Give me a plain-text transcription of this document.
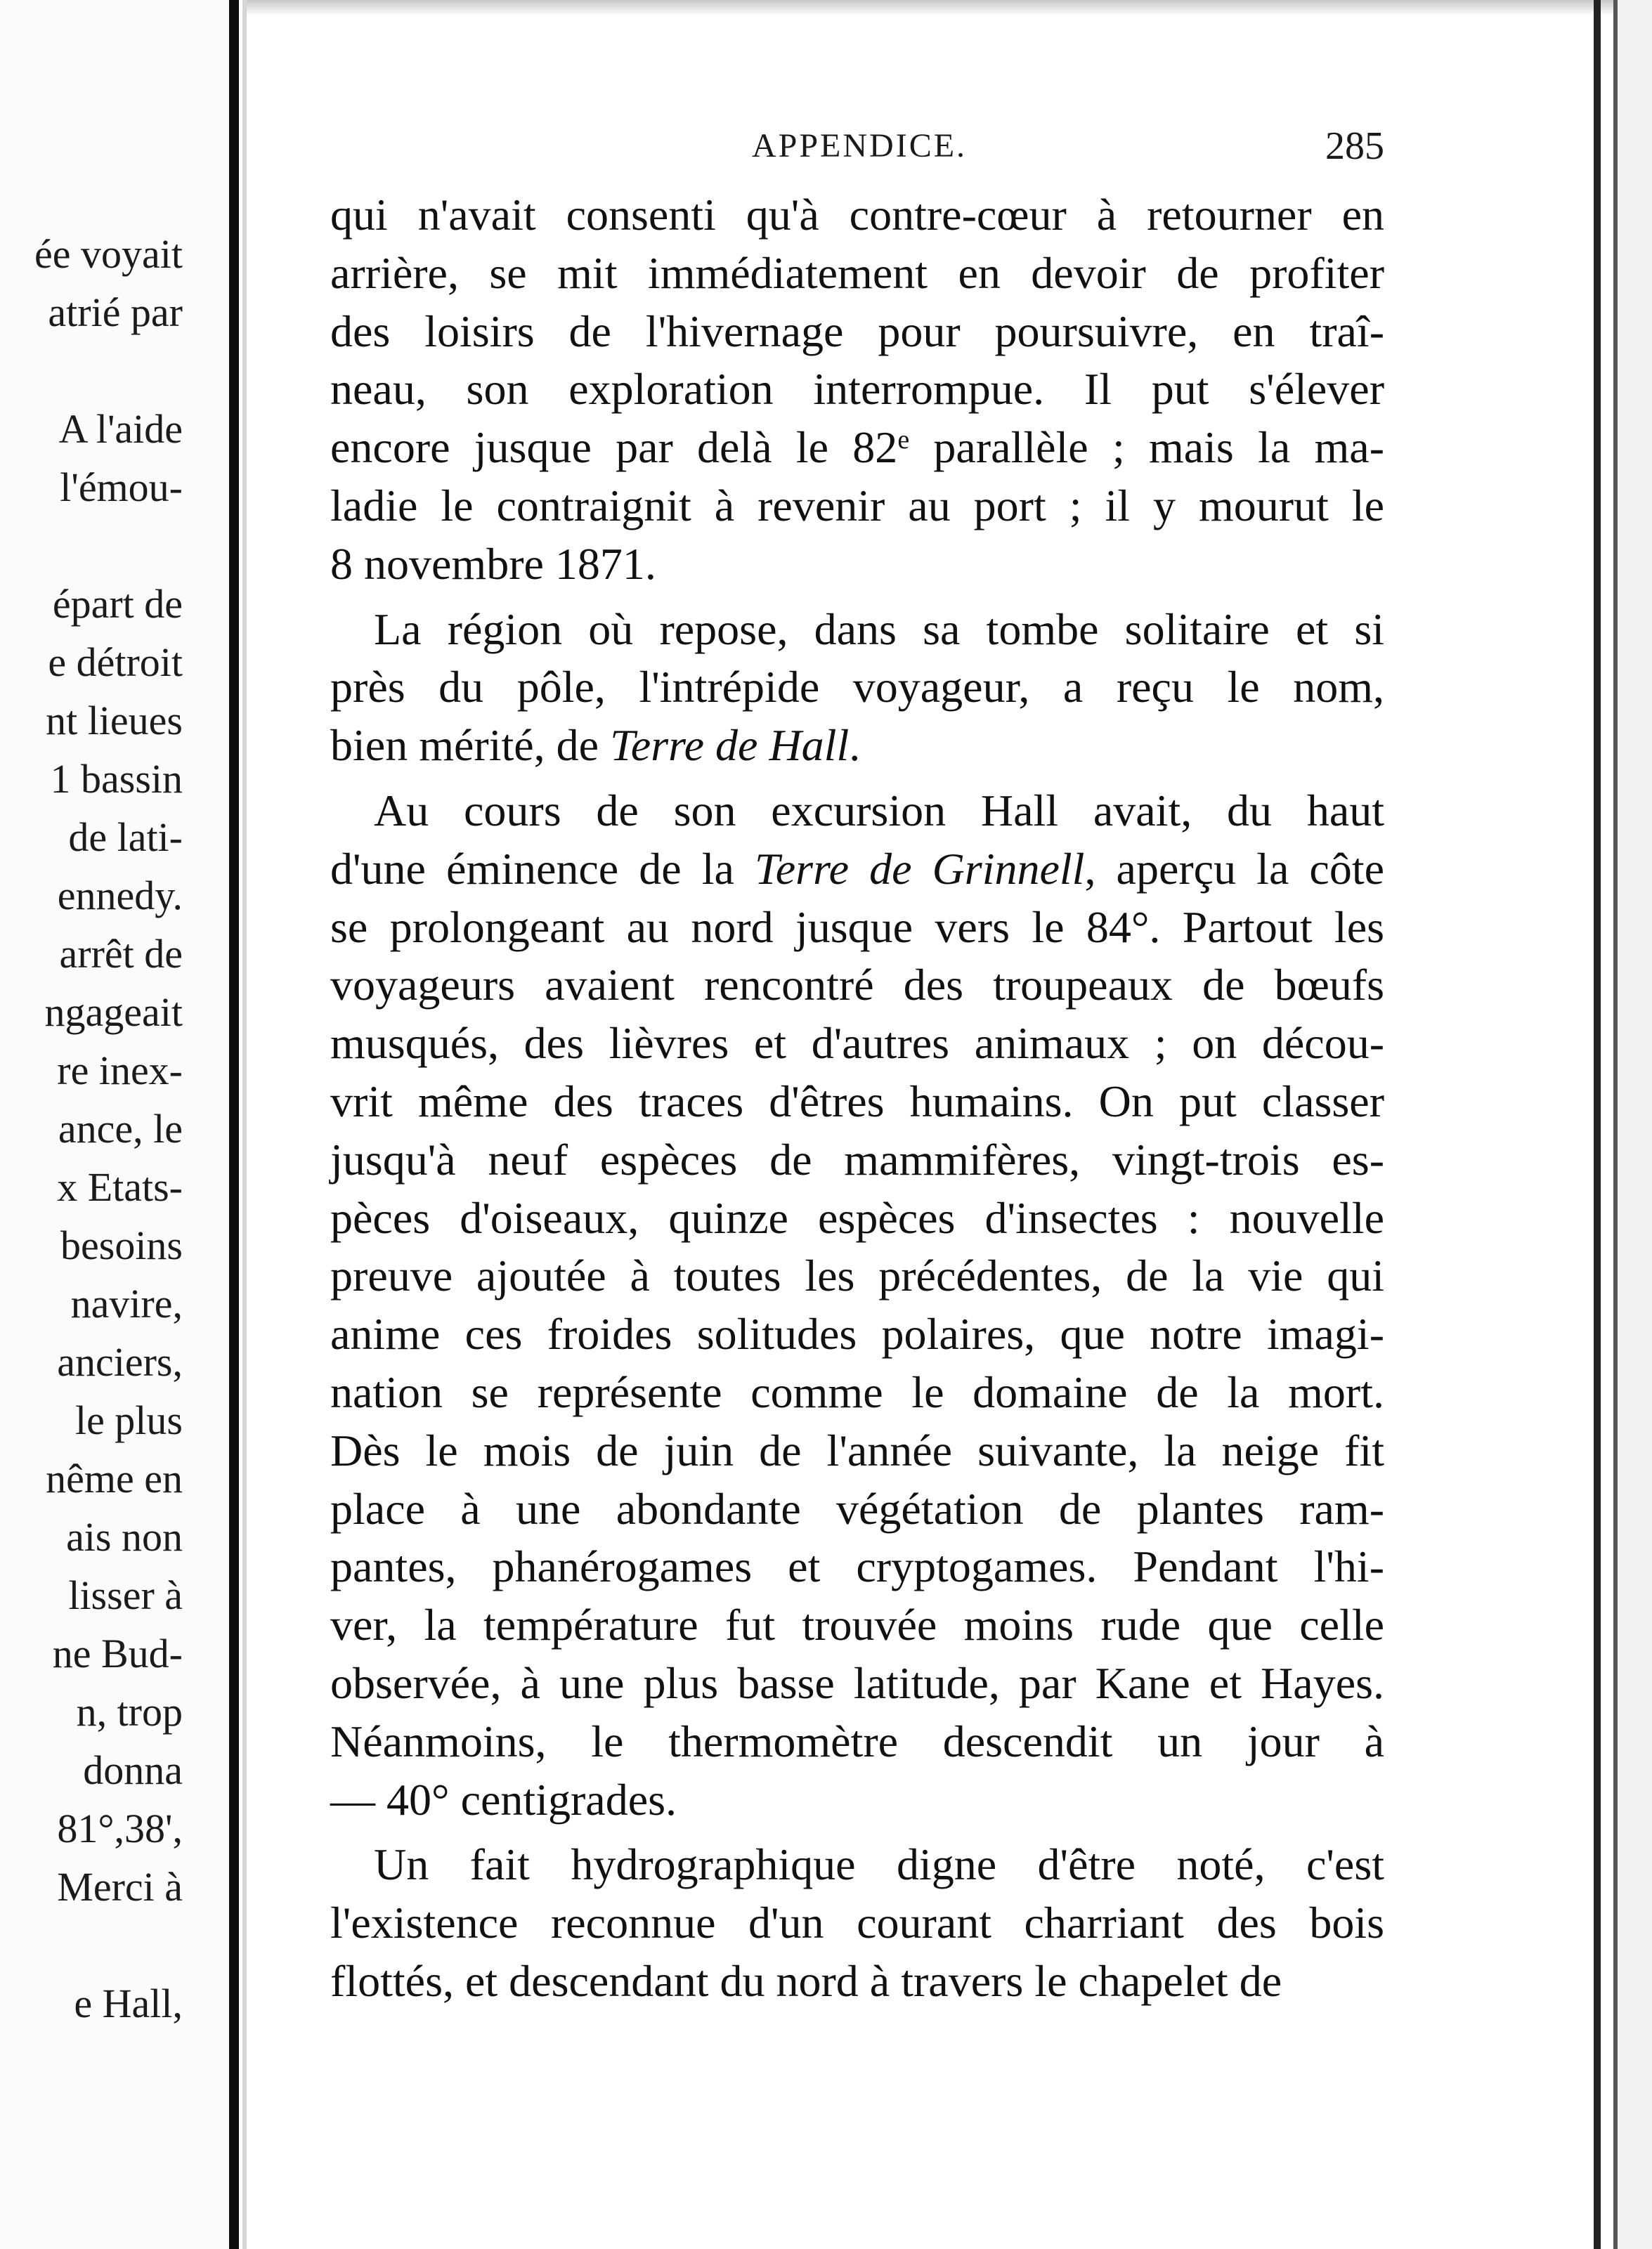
ée voyait
atrié par
A l'aide
l'émou-
épart de
e détroit
nt lieues
1 bassin
de lati-
ennedy.
arrêt de
ngageait
re inex-
ance, le
x Etats-
besoins
navire,
anciers,
le plus
nême en
ais non
lisser à
ne Bud-
n, trop
donna
81°,38',
Merci à
e Hall,
APPENDICE.	285
qui n'avait consenti qu'à contre-cœur à retourner en
arrière, se mit immédiatement en devoir de profiter
des loisirs de l'hivernage pour poursuivre, en traî-
neau, son exploration interrompue. Il put s'élever
encore jusque par delà le 82e parallèle ; mais la ma-
ladie le contraignit à revenir au port ; il y mourut le
8 novembre 1871.
La région où repose, dans sa tombe solitaire et si
près du pôle, l'intrépide voyageur, a reçu le nom,
bien mérité, de Terre de Hall.
Au cours de son excursion Hall avait, du haut
d'une éminence de la Terre de Grinnell, aperçu la côte
se prolongeant au nord jusque vers le 84°. Partout les
voyageurs avaient rencontré des troupeaux de bœufs
musqués, des lièvres et d'autres animaux ; on décou-
vrit même des traces d'êtres humains. On put classer
jusqu'à neuf espèces de mammifères, vingt-trois es-
pèces d'oiseaux, quinze espèces d'insectes : nouvelle
preuve ajoutée à toutes les précédentes, de la vie qui
anime ces froides solitudes polaires, que notre imagi-
nation se représente comme le domaine de la mort.
Dès le mois de juin de l'année suivante, la neige fit
place à une abondante végétation de plantes ram-
pantes, phanérogames et cryptogames. Pendant l'hi-
ver, la température fut trouvée moins rude que celle
observée, à une plus basse latitude, par Kane et Hayes.
Néanmoins, le thermomètre descendit un jour à
— 40° centigrades.
Un fait hydrographique digne d'être noté, c'est
l'existence reconnue d'un courant charriant des bois
flottés, et descendant du nord à travers le chapelet de
